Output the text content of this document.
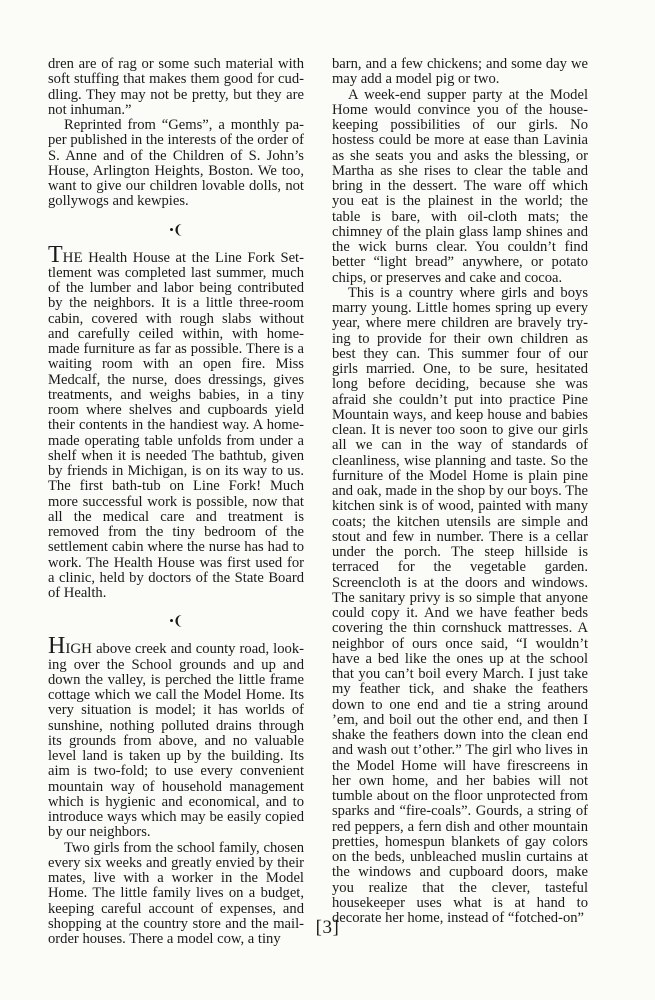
dren are of rag or some such material with soft stuffing that makes them good for cuddling. They may not be pretty, but they are not inhuman.”

Reprinted from “Gems”, a monthly paper published in the interests of the order of S. Anne and of the Children of S. John’s House, Arlington Heights, Boston. We too, want to give our children lovable dolls, not gollywogs and kewpies.

•❨

THE Health House at the Line Fork Settlement was completed last summer, much of the lumber and labor being contributed by the neighbors. It is a little three-room cabin, covered with rough slabs without and carefully ceiled within, with home-made furniture as far as possible. There is a waiting room with an open fire. Miss Medcalf, the nurse, does dressings, gives treatments, and weighs babies, in a tiny room where shelves and cupboards yield their contents in the handiest way. A home-made operating table unfolds from under a shelf when it is needed The bathtub, given by friends in Michigan, is on its way to us. The first bath-tub on Line Fork! Much more successful work is possible, now that all the medical care and treatment is removed from the tiny bedroom of the settlement cabin where the nurse has had to work. The Health House was first used for a clinic, held by doctors of the State Board of Health.

•❨

HIGH above creek and county road, looking over the School grounds and up and down the valley, is perched the little frame cottage which we call the Model Home. Its very situation is model; it has worlds of sunshine, nothing polluted drains through its grounds from above, and no valuable level land is taken up by the building. Its aim is two-fold; to use every convenient mountain way of household management which is hygienic and economical, and to introduce ways which may be easily copied by our neighbors.

Two girls from the school family, chosen every six weeks and greatly envied by their mates, live with a worker in the Model Home. The little family lives on a budget, keeping careful account of expenses, and shopping at the country store and the mail-order houses. There a model cow, a tiny

barn, and a few chickens; and some day we may add a model pig or two.

A week-end supper party at the Model Home would convince you of the housekeeping possibilities of our girls. No hostess could be more at ease than Lavinia as she seats you and asks the blessing, or Martha as she rises to clear the table and bring in the dessert. The ware off which you eat is the plainest in the world; the table is bare, with oil-cloth mats; the chimney of the plain glass lamp shines and the wick burns clear. You couldn’t find better “light bread” anywhere, or potato chips, or preserves and cake and cocoa.

This is a country where girls and boys marry young. Little homes spring up every year, where mere children are bravely trying to provide for their own children as best they can. This summer four of our girls married. One, to be sure, hesitated long before deciding, because she was afraid she couldn’t put into practice Pine Mountain ways, and keep house and babies clean. It is never too soon to give our girls all we can in the way of standards of cleanliness, wise planning and taste. So the furniture of the Model Home is plain pine and oak, made in the shop by our boys. The kitchen sink is of wood, painted with many coats; the kitchen utensils are simple and stout and few in number. There is a cellar under the porch. The steep hillside is terraced for the vegetable garden. Screencloth is at the doors and windows. The sanitary privy is so simple that anyone could copy it. And we have feather beds covering the thin cornshuck mattresses. A neighbor of ours once said, “I wouldn’t have a bed like the ones up at the school that you can’t boil every March. I just take my feather tick, and shake the feathers down to one end and tie a string around ’em, and boil out the other end, and then I shake the feathers down into the clean end and wash out t’other.” The girl who lives in the Model Home will have firescreens in her own home, and her babies will not tumble about on the floor unprotected from sparks and “fire-coals”. Gourds, a string of red peppers, a fern dish and other mountain pretties, homespun blankets of gay colors on the beds, unbleached muslin curtains at the windows and cupboard doors, make you realize that the clever, tasteful housekeeper uses what is at hand to decorate her home, instead of “fotched-on”

[3]
